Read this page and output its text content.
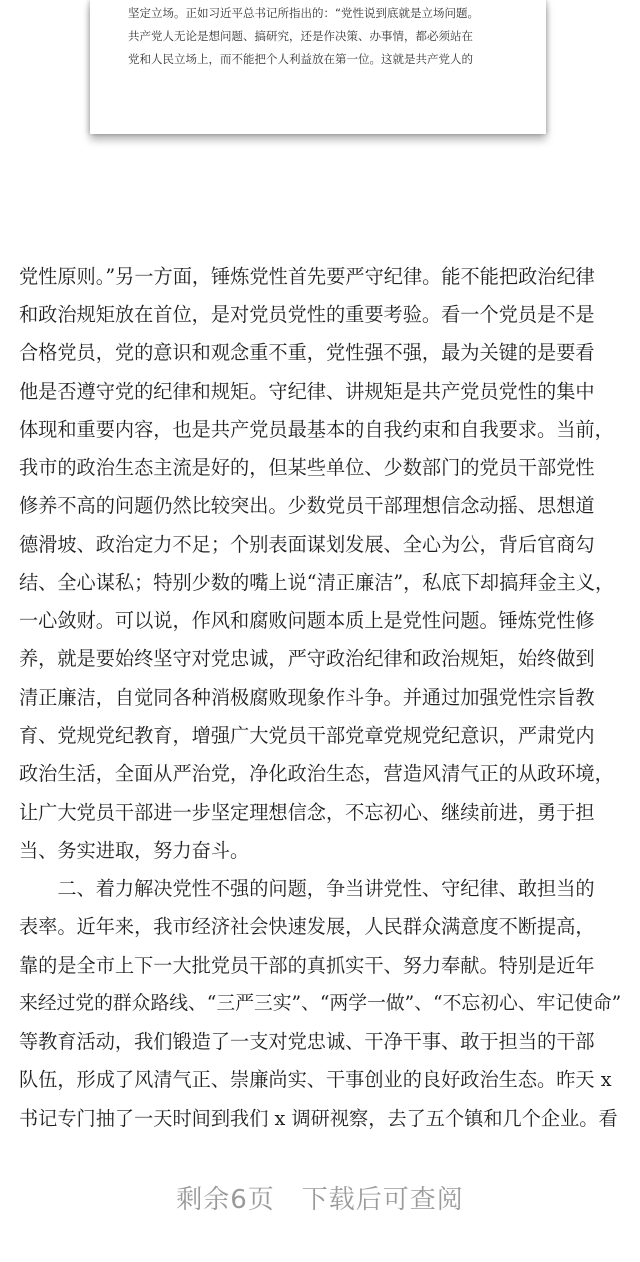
坚定立场。正如习近平总书记所指出的：“党性说到底就是立场问题。
共产党人无论是想问题、搞研究，还是作决策、办事情，都必须站在
党和人民立场上，而不能把个人利益放在第一位。这就是共产党人的
党性原则。”另一方面，锤炼党性首先要严守纪律。能不能把政治纪律
和政治规矩放在首位，是对党员党性的重要考验。看一个党员是不是
合格党员，党的意识和观念重不重，党性强不强，最为关键的是要看
他是否遵守党的纪律和规矩。守纪律、讲规矩是共产党员党性的集中
体现和重要内容，也是共产党员最基本的自我约束和自我要求。当前，
我市的政治生态主流是好的，但某些单位、少数部门的党员干部党性
修养不高的问题仍然比较突出。少数党员干部理想信念动摇、思想道
德滑坡、政治定力不足；个别表面谋划发展、全心为公，背后官商勾
结、全心谋私；特别少数的嘴上说“清正廉洁”，私底下却搞拜金主义，
一心敛财。可以说，作风和腐败问题本质上是党性问题。锤炼党性修
养，就是要始终坚守对党忠诚，严守政治纪律和政治规矩，始终做到
清正廉洁，自觉同各种消极腐败现象作斗争。并通过加强党性宗旨教
育、党规党纪教育，增强广大党员干部党章党规党纪意识，严肃党内
政治生活，全面从严治党，净化政治生态，营造风清气正的从政环境，
让广大党员干部进一步坚定理想信念，不忘初心、继续前进，勇于担
当、务实进取，努力奋斗。
　　二、着力解决党性不强的问题，争当讲党性、守纪律、敢担当的
表率。近年来，我市经济社会快速发展，人民群众满意度不断提高，
靠的是全市上下一大批党员干部的真抓实干、努力奉献。特别是近年
来经过党的群众路线、“三严三实”、“两学一做”、“不忘初心、牢记使命”
等教育活动，我们锻造了一支对党忠诚、干净干事、敢于担当的干部
队伍，形成了风清气正、崇廉尚实、干事创业的良好政治生态。昨天 x
书记专门抽了一天时间到我们 x 调研视察，去了五个镇和几个企业。看
剩余6页　下载后可查阅
